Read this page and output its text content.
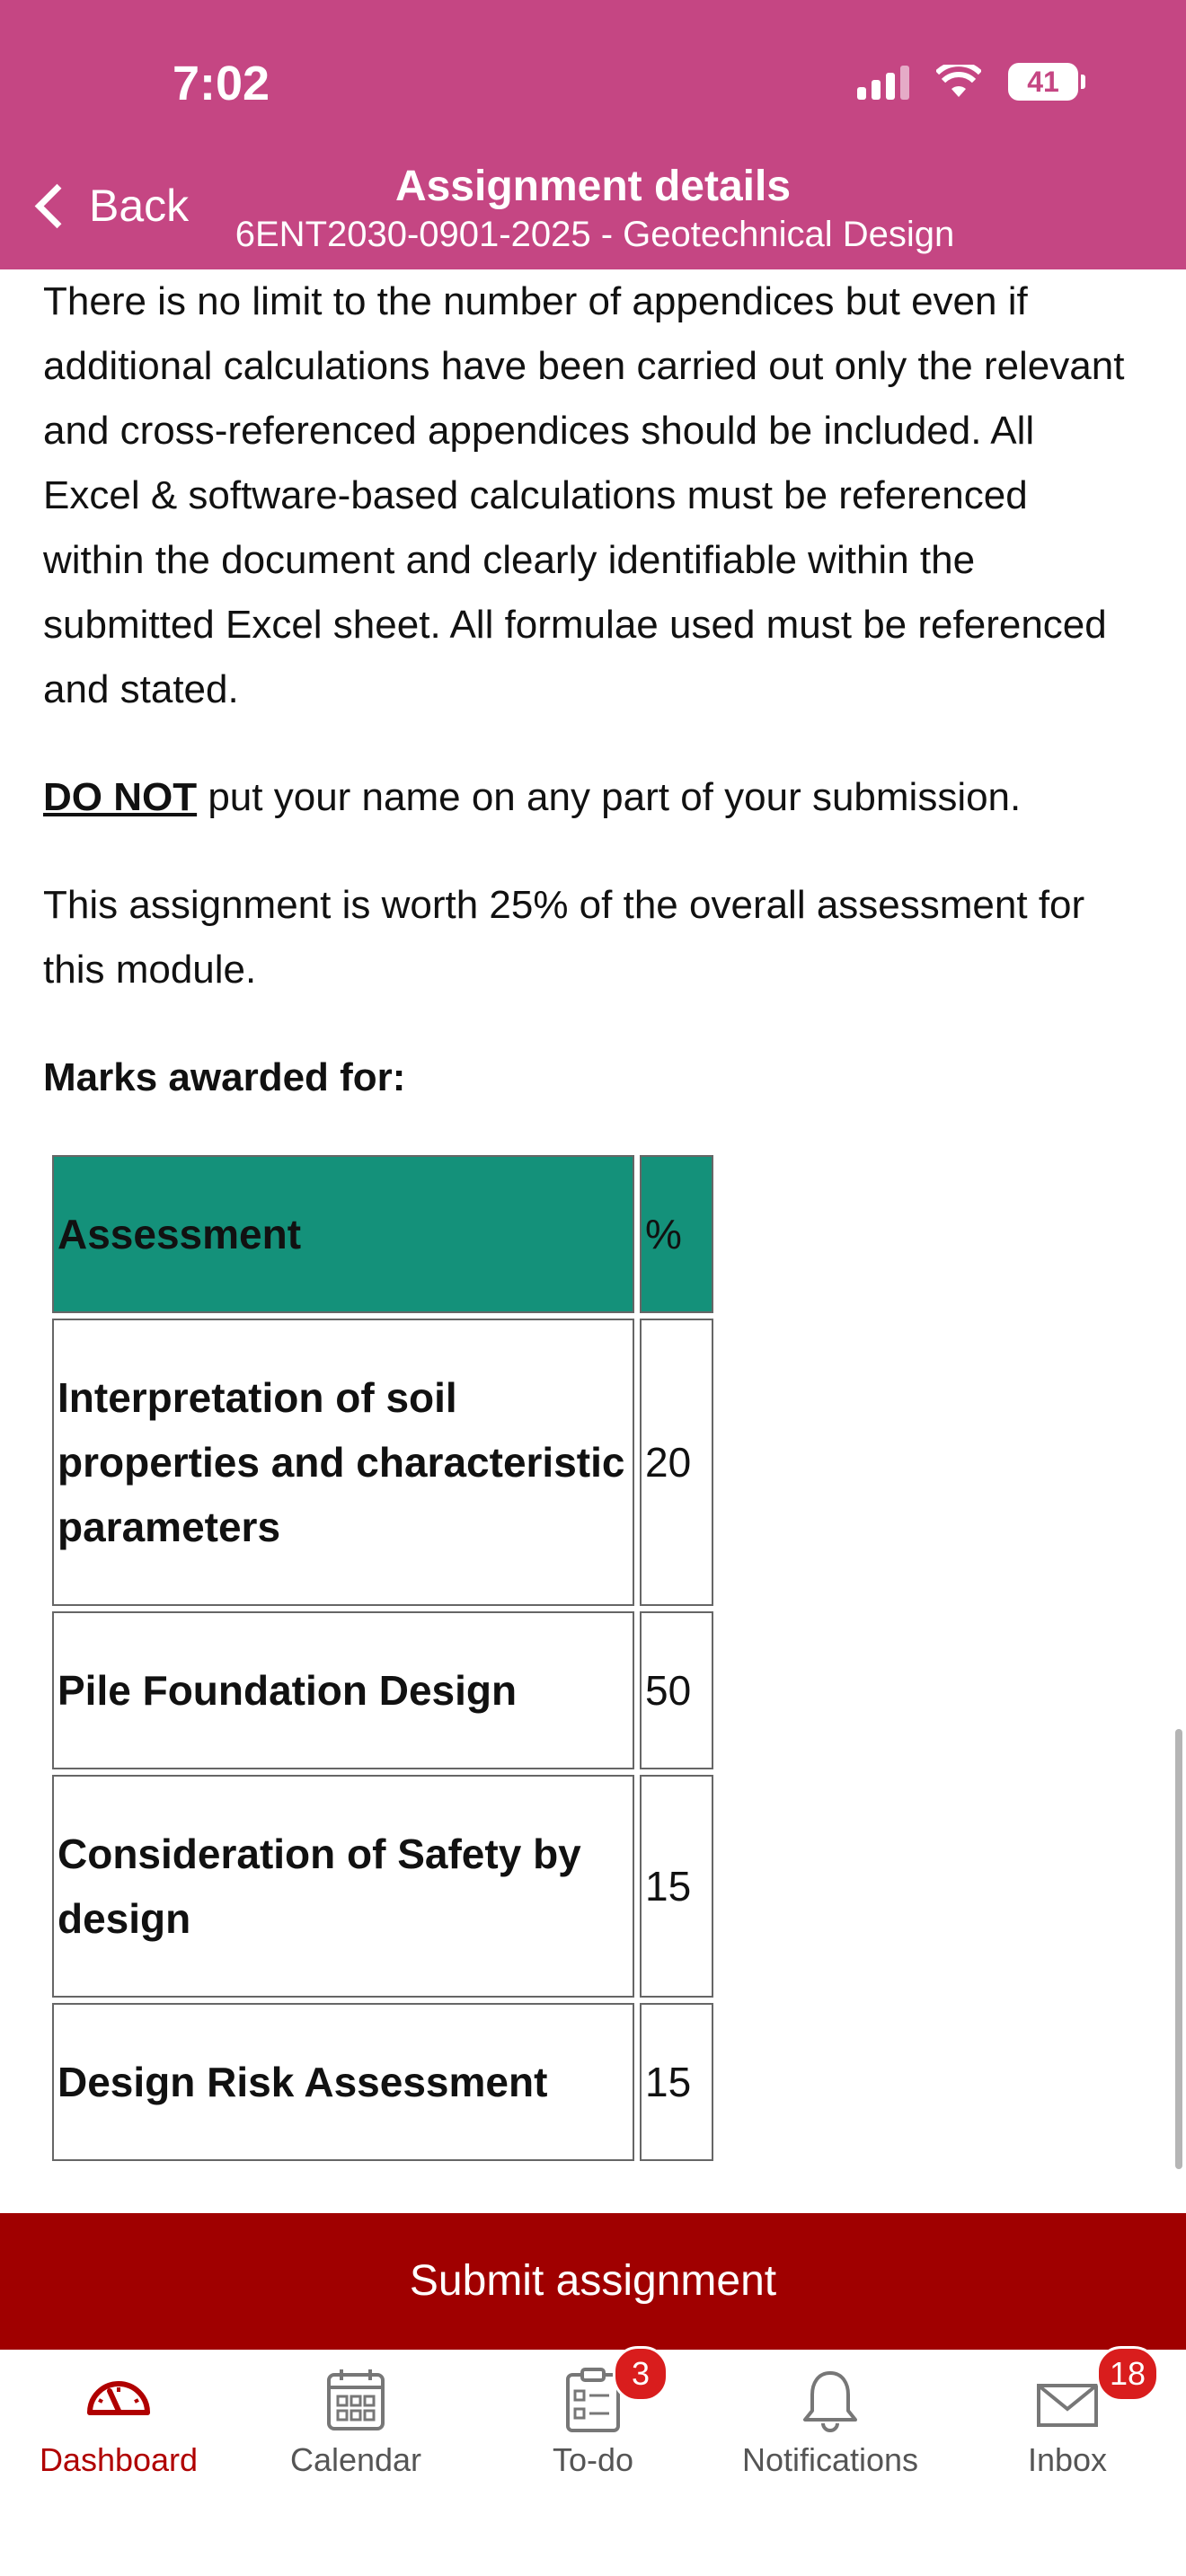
7:02	41
Back	Assignment details
6ENT2030-0901-2025 - Geotechnical Design

There is no limit to the number of appendices but even if additional calculations have been carried out only the relevant and cross-referenced appendices should be included. All Excel & software-based calculations must be referenced within the document and clearly identifiable within the submitted Excel sheet. All formulae used must be referenced and stated.

DO NOT put your name on any part of your submission.

This assignment is worth 25% of the overall assessment for this module.

Marks awarded for:

Assessment	%
Interpretation of soil properties and characteristic parameters	20
Pile Foundation Design	50
Consideration of Safety by design	15
Design Risk Assessment	15
Submit assignment
Dashboard	Calendar
3
To-do	Notifications
18
Inbox
